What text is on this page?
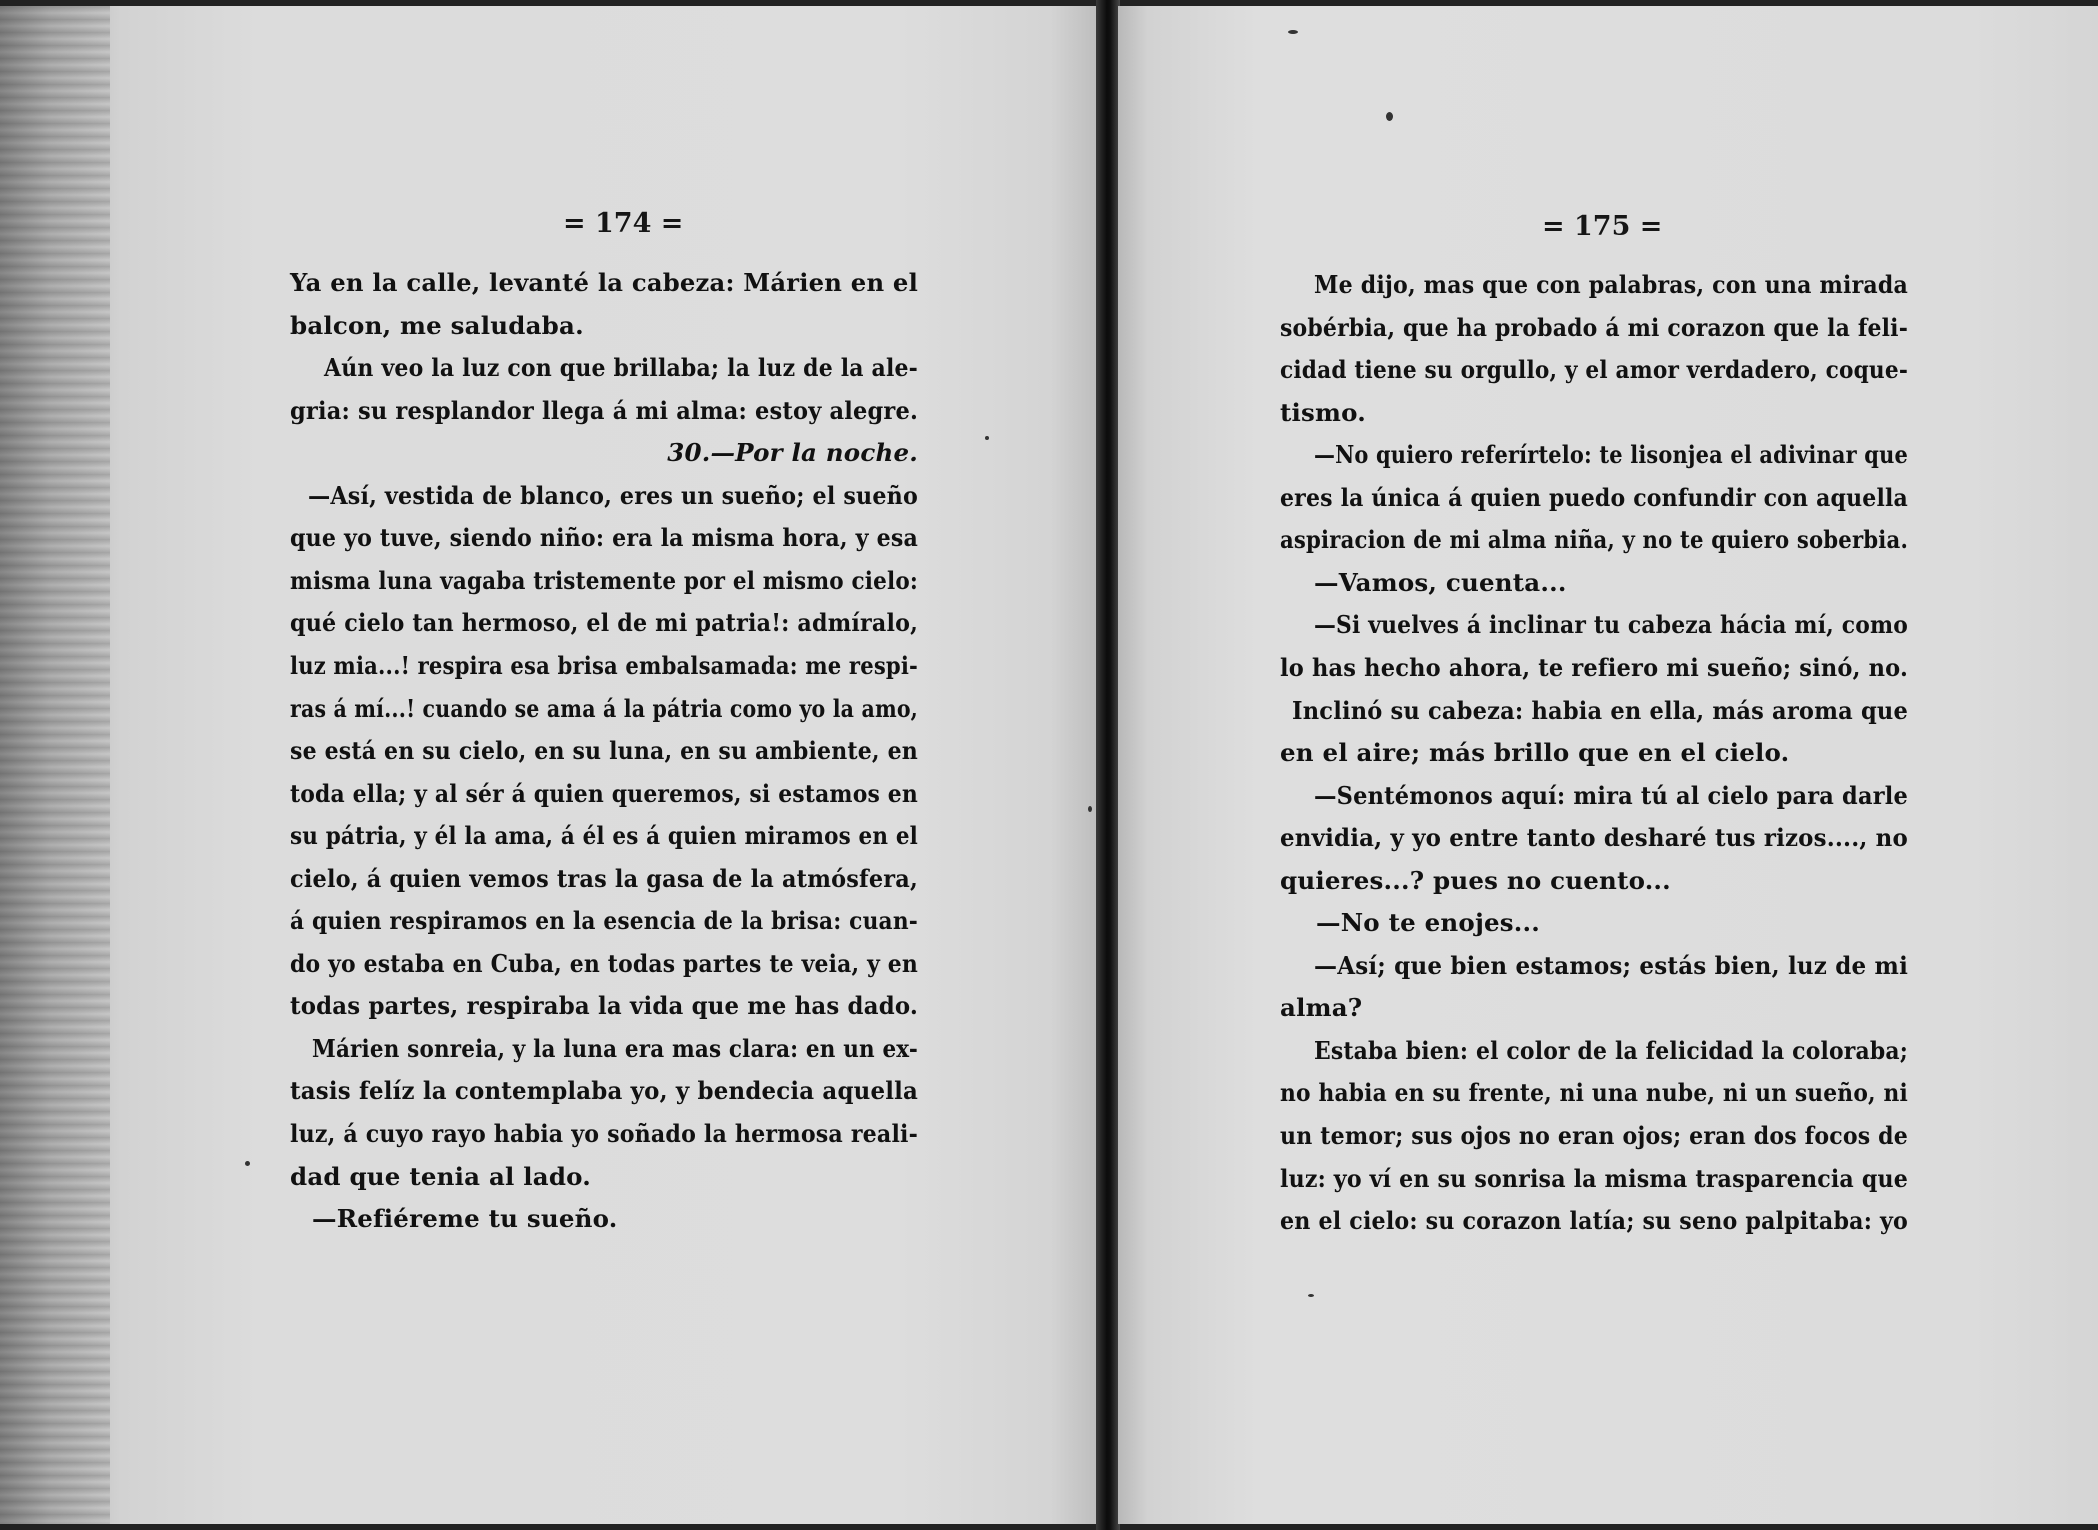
= 174 =
Ya en la calle, levanté la cabeza: Márien en el
balcon, me saludaba.
Aún veo la luz con que brillaba; la luz de la ale-
gria: su resplandor llega á mi alma: estoy alegre.
30.—Por la noche.
—Así, vestida de blanco, eres un sueño; el sueño
que yo tuve, siendo niño: era la misma hora, y esa
misma luna vagaba tristemente por el mismo cielo:
qué cielo tan hermoso, el de mi patria!: admíralo,
luz mia...! respira esa brisa embalsamada: me respi-
ras á mí...! cuando se ama á la pátria como yo la amo,
se está en su cielo, en su luna, en su ambiente, en
toda ella; y al sér á quien queremos, si estamos en
su pátria, y él la ama, á él es á quien miramos en el
cielo, á quien vemos tras la gasa de la atmósfera,
á quien respiramos en la esencia de la brisa: cuan-
do yo estaba en Cuba, en todas partes te veia, y en
todas partes, respiraba la vida que me has dado.
Márien sonreia, y la luna era mas clara: en un ex-
tasis felíz la contemplaba yo, y bendecia aquella
luz, á cuyo rayo habia yo soñado la hermosa reali-
dad que tenia al lado.
—Refiéreme tu sueño.
= 175 =
Me dijo, mas que con palabras, con una mirada
sobérbia, que ha probado á mi corazon que la feli-
cidad tiene su orgullo, y el amor verdadero, coque-
tismo.
—No quiero referírtelo: te lisonjea el adivinar que
eres la única á quien puedo confundir con aquella
aspiracion de mi alma niña, y no te quiero soberbia.
—Vamos, cuenta...
—Si vuelves á inclinar tu cabeza hácia mí, como
lo has hecho ahora, te refiero mi sueño; sinó, no.
Inclinó su cabeza: habia en ella, más aroma que
en el aire; más brillo que en el cielo.
—Sentémonos aquí: mira tú al cielo para darle
envidia, y yo entre tanto desharé tus rizos...., no
quieres...? pues no cuento...
—No te enojes...
—Así; que bien estamos; estás bien, luz de mi
alma?
Estaba bien: el color de la felicidad la coloraba;
no habia en su frente, ni una nube, ni un sueño, ni
un temor; sus ojos no eran ojos; eran dos focos de
luz: yo ví en su sonrisa la misma trasparencia que
en el cielo: su corazon latía; su seno palpitaba: yo
